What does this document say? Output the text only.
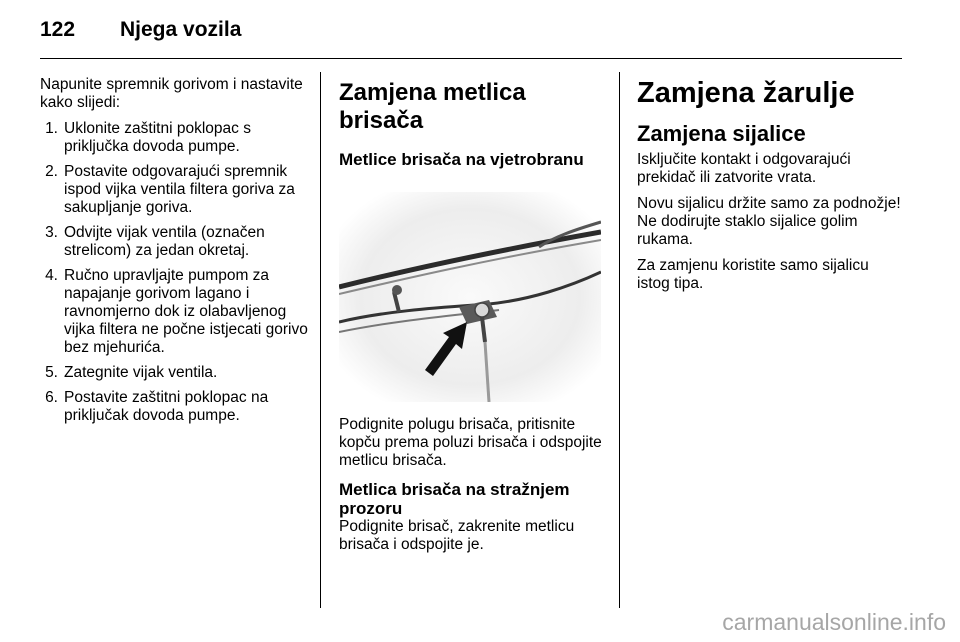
122 Njega vozila

Napunite spremnik gorivom i nastavite kako slijedi:

1. Uklonite zaštitni poklopac s priključka dovoda pumpe.
2. Postavite odgovarajući spremnik ispod vijka ventila filtera goriva za sakupljanje goriva.
3. Odvijte vijak ventila (označen strelicom) za jedan okretaj.
4. Ručno upravljajte pumpom za napajanje gorivom lagano i ravnomjerno dok iz olabavljenog vijka filtera ne počne istjecati gorivo bez mjehurića.
5. Zategnite vijak ventila.
6. Postavite zaštitni poklopac na priključak dovoda pumpe.
Zamjena metlica brisača
Metlice brisača na vjetrobranu

Podignite polugu brisača, pritisnite kopču prema poluzi brisača i odspojite metlicu brisača.

Metlica brisača na stražnjem prozoru

Podignite brisač, zakrenite metlicu brisača i odspojite je.

Zamjena žarulje
Zamjena sijalice

Isključite kontakt i odgovarajući prekidač ili zatvorite vrata.

Novu sijalicu držite samo za podnožje! Ne dodirujte staklo sijalice golim rukama.

Za zamjenu koristite samo sijalicu istog tipa.

carmanualsonline.info
